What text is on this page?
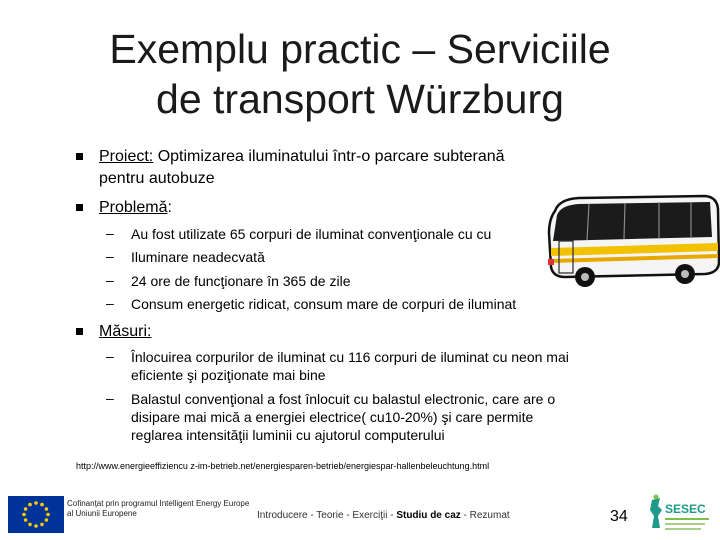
Exemplu practic – Serviciile
de transport Würzburg
Proiect: Optimizarea iluminatului într-o parcare subterană
pentru autobuze
Problemă:
– Au fost utilizate 65 corpuri de iluminat convenţionale cu cu
– Iluminare neadecvată
– 24 ore de funcţionare în 365 de zile
– Consum energetic ridicat, consum mare de corpuri de iluminat
Măsuri:
– Înlocuirea corpurilor de iluminat cu 116 corpuri de iluminat cu neon mai
eficiente şi poziţionate mai bine
– Balastul convenţional a fost înlocuit cu balastul electronic, care are o
disipare mai mică a energiei electrice( cu10-20%) şi care permite
reglarea intensităţii luminii cu ajutorul computerului
http://www.energieeffiziencu z-im-betrieb.net/energiesparen-betrieb/energiespar-hallenbeleuchtung.html
Cofinanţat prin programul Intelligent Energy Europe
al Uniunii Europene	Introducere - Teorie - Exerciţii - Studiu de caz - Rezumat	34	SESEC
